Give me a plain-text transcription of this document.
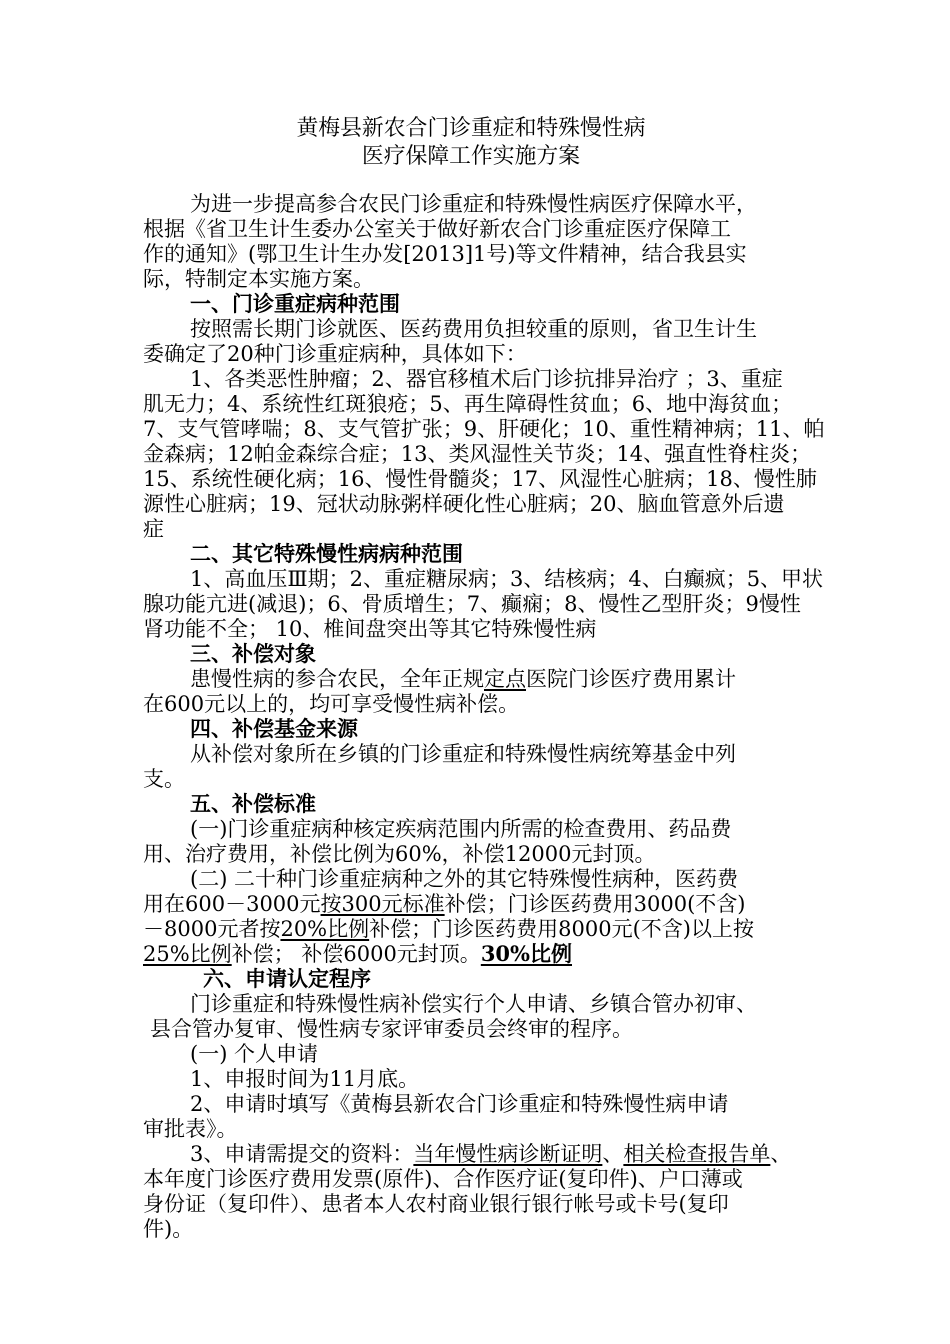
黄梅县新农合门诊重症和特殊慢性病
医疗保障工作实施方案
为进一步提高参合农民门诊重症和特殊慢性病医疗保障水平，
根据《省卫生计生委办公室关于做好新农合门诊重症医疗保障工
作的通知》(鄂卫生计生办发[2013]1号)等文件精神，结合我县实
际，特制定本实施方案。
一、门诊重症病种范围
按照需长期门诊就医、医药费用负担较重的原则，省卫生计生
委确定了20种门诊重症病种，具体如下：
1、各类恶性肿瘤；2、器官移植术后门诊抗排异治疗 ；3、重症
肌无力；4、系统性红斑狼疮；5、再生障碍性贫血；6、地中海贫血；
7、支气管哮喘；8、支气管扩张；9、肝硬化；10、重性精神病；11、帕
金森病；12帕金森综合症；13、类风湿性关节炎；14、强直性脊柱炎；
15、系统性硬化病；16、慢性骨髓炎；17、风湿性心脏病；18、慢性肺
源性心脏病；19、冠状动脉粥样硬化性心脏病；20、脑血管意外后遗
症
二、其它特殊慢性病病种范围
1、高血压Ⅲ期；2、重症糖尿病；3、结核病；4、白癫疯；5、甲状
腺功能亢进(减退)；6、骨质增生；7、癫痫；8、慢性乙型肝炎；9慢性
肾功能不全； 10、椎间盘突出等其它特殊慢性病
三、补偿对象
患慢性病的参合农民，全年正规定点医院门诊医疗费用累计
在600元以上的，均可享受慢性病补偿。
四、补偿基金来源
从补偿对象所在乡镇的门诊重症和特殊慢性病统筹基金中列
支。
五、补偿标准
(一)门诊重症病种核定疾病范围内所需的检查费用、药品费
用、治疗费用，补偿比例为60%，补偿12000元封顶。
(二) 二十种门诊重症病种之外的其它特殊慢性病种，医药费
用在600－3000元按300元标准补偿；门诊医药费用3000(不含)
－8000元者按20%比例补偿；门诊医药费用8000元(不含)以上按
25%比例补偿； 补偿6000元封顶。30%比例
六、申请认定程序
门诊重症和特殊慢性病补偿实行个人申请、乡镇合管办初审、
县合管办复审、慢性病专家评审委员会终审的程序。
(一) 个人申请
1、申报时间为11月底。
2、申请时填写《黄梅县新农合门诊重症和特殊慢性病申请
审批表》。
3、申请需提交的资料：当年慢性病诊断证明、相关检查报告单、
本年度门诊医疗费用发票(原件)、合作医疗证(复印件)、户口薄或
身份证（复印件）、患者本人农村商业银行银行帐号或卡号(复印
件)。
